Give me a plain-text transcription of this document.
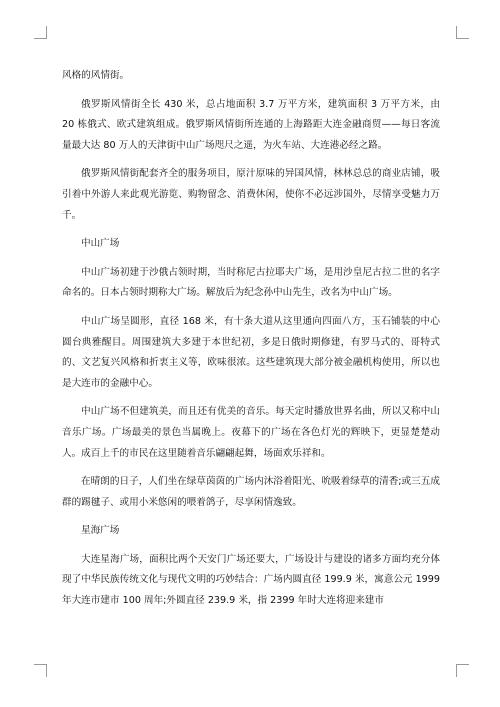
风格的风情街。

俄罗斯风情街全长 430 米，总占地面积 3.7 万平方米，建筑面积 3 万平方米，由 20 栋俄式、欧式建筑组成。俄罗斯风情街所连通的上海路距大连金融商贸——每日客流量最大达 80 万人的天津街中山广场咫尺之遥，为火车站、大连港必经之路。

俄罗斯风情街配套齐全的服务项目，原汁原味的异国风情，林林总总的商业店铺，吸引着中外游人来此观光游览、购物留念、消费休闲，使你不必远涉国外，尽情享受魅力万千。

中山广场

中山广场初建于沙俄占领时期，当时称尼古拉耶夫广场，是用沙皇尼古拉二世的名字命名的。日本占领时期称大广场。解放后为纪念孙中山先生，改名为中山广场。

中山广场呈圆形，直径 168 米，有十条大道从这里通向四面八方，玉石铺装的中心圆台典雅醒目。周围建筑大多建于本世纪初，多是日俄时期修建，有罗马式的、哥特式的、文艺复兴风格和折衷主义等，欧味很浓。这些建筑现大部分被金融机构使用，所以也是大连市的金融中心。

中山广场不但建筑美，而且还有优美的音乐。每天定时播放世界名曲，所以又称中山音乐广场。广场最美的景色当属晚上。夜幕下的广场在各色灯光的辉映下，更显楚楚动人。成百上千的市民在这里随着音乐翩翩起舞，场面欢乐祥和。

在晴朗的日子，人们坐在绿草茵茵的广场内沐浴着阳光、吮吸着绿草的清香;或三五成群的踢毽子、或用小米悠闲的喂着鸽子，尽享闲情逸致。

星海广场

大连星海广场，面积比两个天安门广场还要大，广场设计与建设的诸多方面均充分体现了中华民族传统文化与现代文明的巧妙结合：广场内圆直径 199.9 米，寓意公元 1999 年大连市建市 100 周年;外圆直径 239.9 米，指 2399 年时大连将迎来建市
